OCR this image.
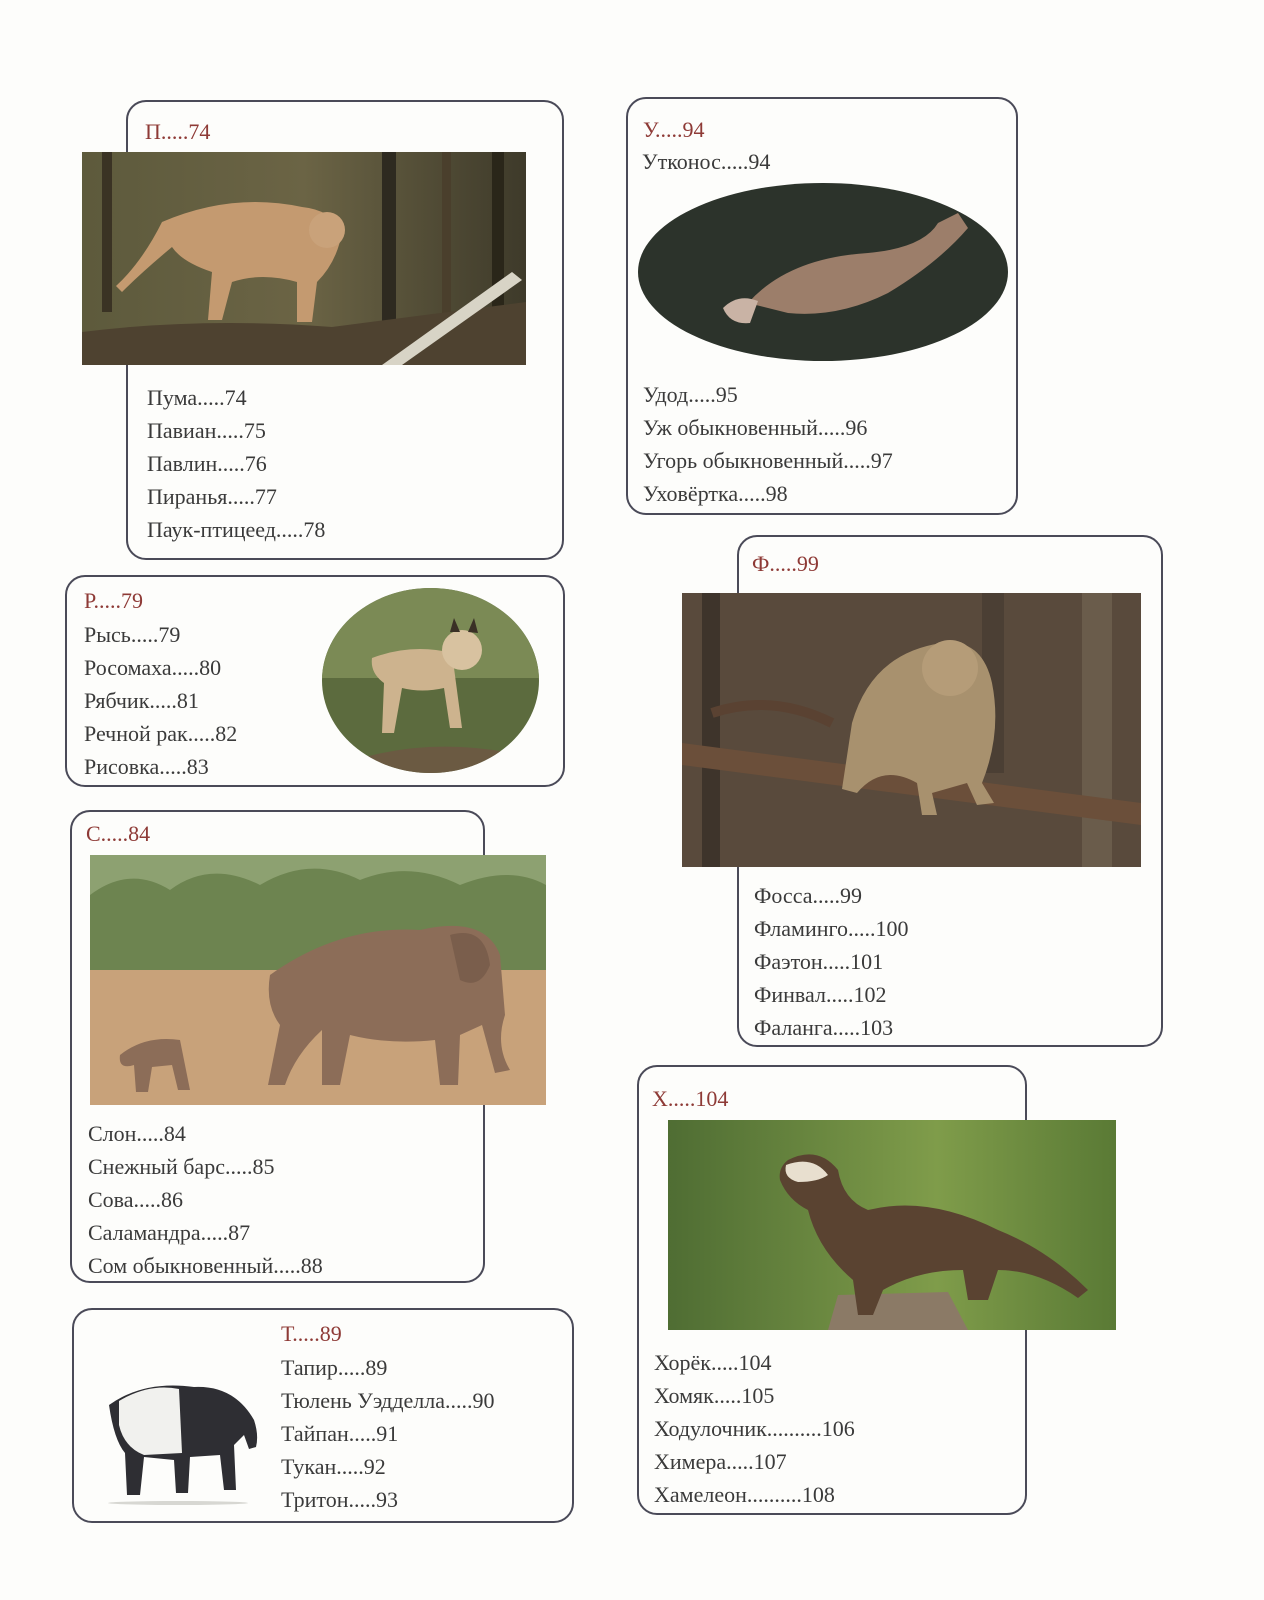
П.....74
Пума.....74
Павиан.....75
Павлин.....76
Пиранья.....77
Паук-птицеед.....78
Р.....79
Рысь.....79
Росомаха.....80
Рябчик.....81
Речной рак.....82
Рисовка.....83
С.....84
Слон.....84
Снежный барс.....85
Сова.....86
Саламандра.....87
Сом обыкновенный.....88
Т.....89
Тапир.....89
Тюлень Уэдделла.....90
Тайпан.....91
Тукан.....92
Тритон.....93
У.....94
Утконос.....94
Удод.....95
Уж обыкновенный.....96
Угорь обыкновенный.....97
Уховёртка.....98
Ф.....99
Фосса.....99
Фламинго.....100
Фаэтон.....101
Финвал.....102
Фаланга.....103
Х.....104
Хорёк.....104
Хомяк.....105
Ходулочник..........106
Химера.....107
Хамелеон..........108
